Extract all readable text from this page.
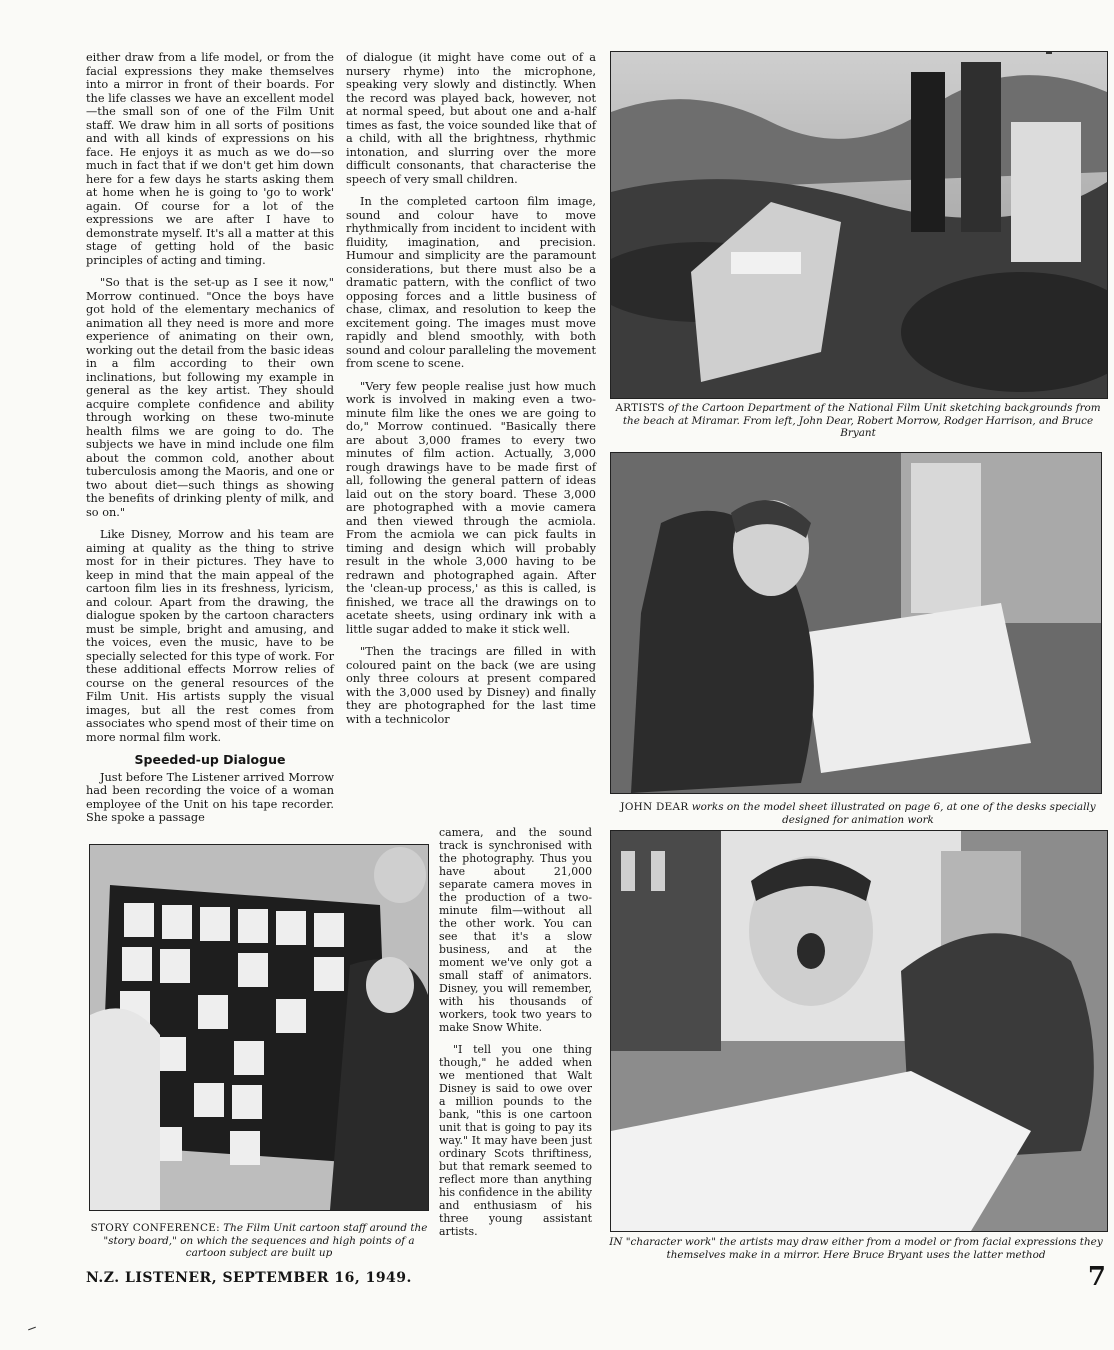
either draw from a life model, or from the facial expressions they make themselves into a mirror in front of their boards. For the life classes we have an excellent model—the small son of one of the Film Unit staff. We draw him in all sorts of positions and with all kinds of expressions on his face. He enjoys it as much as we do—so much in fact that if we don't get him down here for a few days he starts asking them at home when he is going to 'go to work' again. Of course for a lot of the expressions we are after I have to demonstrate myself. It's all a matter at this stage of getting hold of the basic principles of acting and timing.

"So that is the set-up as I see it now," Morrow continued. "Once the boys have got hold of the elementary mechanics of animation all they need is more and more experience of animating on their own, working out the detail from the basic ideas in a film according to their own inclinations, but following my example in general as the key artist. They should acquire complete confidence and ability through working on these two-minute health films we are going to do. The subjects we have in mind include one film about the common cold, another about tuberculosis among the Maoris, and one or two about diet—such things as showing the benefits of drinking plenty of milk, and so on."

Like Disney, Morrow and his team are aiming at quality as the thing to strive most for in their pictures. They have to keep in mind that the main appeal of the cartoon film lies in its freshness, lyricism, and colour. Apart from the drawing, the dialogue spoken by the cartoon characters must be simple, bright and amusing, and the voices, even the music, have to be specially selected for this type of work. For these additional effects Morrow relies of course on the general resources of the Film Unit. His artists supply the visual images, but all the rest comes from associates who spend most of their time on more normal film work.

Speeded-up Dialogue

Just before The Listener arrived Morrow had been recording the voice of a woman employee of the Unit on his tape recorder. She spoke a passage

of dialogue (it might have come out of a nursery rhyme) into the microphone, speaking very slowly and distinctly. When the record was played back, however, not at normal speed, but about one and a-half times as fast, the voice sounded like that of a child, with all the brightness, rhythmic intonation, and slurring over the more difficult consonants, that characterise the speech of very small children.

In the completed cartoon film image, sound and colour have to move rhythmically from incident to incident with fluidity, imagination, and precision. Humour and simplicity are the paramount considerations, but there must also be a dramatic pattern, with the conflict of two opposing forces and a little business of chase, climax, and resolution to keep the excitement going. The images must move rapidly and blend smoothly, with both sound and colour paralleling the movement from scene to scene.

"Very few people realise just how much work is involved in making even a two-minute film like the ones we are going to do," Morrow continued. "Basically there are about 3,000 frames to every two minutes of film action. Actually, 3,000 rough drawings have to be made first of all, following the general pattern of ideas laid out on the story board. These 3,000 are photographed with a movie camera and then viewed through the acmiola. From the acmiola we can pick faults in timing and design which will probably result in the whole 3,000 having to be redrawn and photographed again. After the 'clean-up process,' as this is called, is finished, we trace all the drawings on to acetate sheets, using ordinary ink with a little sugar added to make it stick well.

"Then the tracings are filled in with coloured paint on the back (we are using only three colours at present compared with the 3,000 used by Disney) and finally they are photographed for the last time with a technicolor

camera, and the sound track is synchronised with the photography. Thus you have about 21,000 separate camera moves in the production of a two-minute film—without all the other work. You can see that it's a slow business, and at the moment we've only got a small staff of animators. Disney, you will remember, with his thousands of workers, took two years to make Snow White.

"I tell you one thing though," he added when we mentioned that Walt Disney is said to owe over a million pounds to the bank, "this is one cartoon unit that is going to pay its way." It may have been just ordinary Scots thriftiness, but that remark seemed to reflect more than anything his confidence in the ability and enthusiasm of his three young assistant artists.

ARTISTS of the Cartoon Department of the National Film Unit sketching backgrounds from the beach at Miramar. From left, John Dear, Robert Morrow, Rodger Harrison, and Bruce Bryant
JOHN DEAR works on the model sheet illustrated on page 6, at one of the desks specially designed for animation work
STORY CONFERENCE: The Film Unit cartoon staff around the "story board," on which the sequences and high points of a cartoon subject are built up
IN "character work" the artists may draw either from a model or from facial expressions they themselves make in a mirror. Here Bruce Bryant uses the latter method
N.Z. LISTENER, SEPTEMBER 16, 1949.	7
